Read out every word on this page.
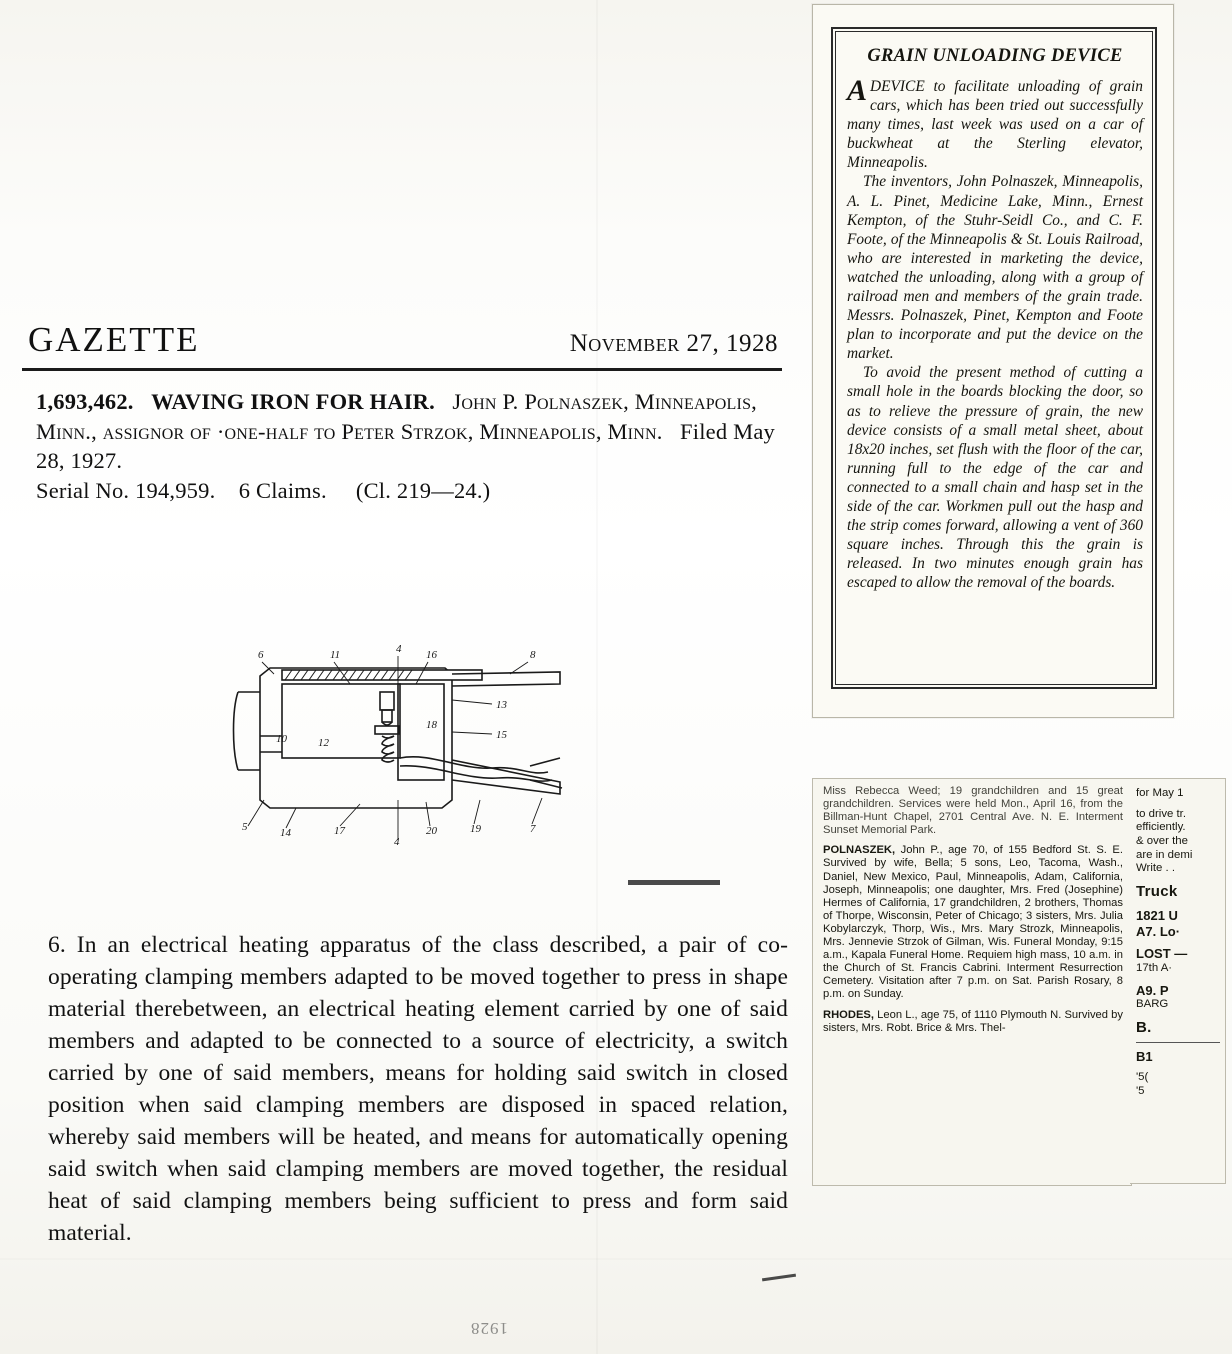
GAZETTE	November 27, 1928
1,693,462. WAVING IRON FOR HAIR. John P. Polnaszek, Minneapolis, Minn., assignor of ·one-half to Peter Strzok, Minneapolis, Minn. Filed May 28, 1927.
Serial No. 194,959. 6 Claims. (Cl. 219—24.)
6	11	4 16	8
13
15
18
10	12
5	14	17
4
20	19	7
6. In an electrical heating apparatus of the class described, a pair of co-operating clamping members adapted to be moved together to press in shape material therebetween, an electrical heating element carried by one of said members and adapted to be connected to a source of electricity, a switch carried by one of said members, means for holding said switch in closed position when said clamping members are disposed in spaced relation, whereby said members will be heated, and means for automatically opening said switch when said clamping members are moved together, the residual heat of said clamping members being sufficient to press and form said material.
GRAIN UNLOADING DEVICE

ADEVICE to facilitate unloading of grain cars, which has been tried out successfully many times, last week was used on a car of buckwheat at the Sterling elevator, Minneapolis.

The inventors, John Polnaszek, Minneapolis, A. L. Pinet, Medicine Lake, Minn., Ernest Kempton, of the Stuhr-Seidl Co., and C. F. Foote, of the Minneapolis & St. Louis Railroad, who are interested in marketing the device, watched the unloading, along with a group of railroad men and members of the grain trade. Messrs. Polnaszek, Pinet, Kempton and Foote plan to incorporate and put the device on the market.

To avoid the present method of cutting a small hole in the boards blocking the door, so as to relieve the pressure of grain, the new device consists of a small metal sheet, about 18x20 inches, set flush with the floor of the car, running full to the edge of the car and connected to a small chain and hasp set in the side of the car. Workmen pull out the hasp and the strip comes forward, allowing a vent of 360 square inches. Through this the grain is released. In two minutes enough grain has escaped to allow the removal of the boards.

Miss Rebecca Weed; 19 grandchildren and 15 great grandchildren. Services were held Mon., April 16, from the Billman-Hunt Chapel, 2701 Central Ave. N. E. Interment Sunset Memorial Park.

POLNASZEK, John P., age 70, of 155 Bedford St. S. E. Survived by wife, Bella; 5 sons, Leo, Tacoma, Wash., Daniel, New Mexico, Paul, Minneapolis, Adam, California, Joseph, Minneapolis; one daughter, Mrs. Fred (Josephine) Hermes of California, 17 grandchildren, 2 brothers, Thomas of Thorpe, Wisconsin, Peter of Chicago; 3 sisters, Mrs. Julia Kobylarczyk, Thorp, Wis., Mrs. Mary Strozk, Minneapolis, Mrs. Jennevie Strzok of Gilman, Wis. Funeral Monday, 9:15 a.m., Kapala Funeral Home. Requiem high mass, 10 a.m. in the Church of St. Francis Cabrini. Interment Resurrection Cemetery. Visitation after 7 p.m. on Sat. Parish Rosary, 8 p.m. on Sunday.

RHODES, Leon L., age 75, of 1110 Plymouth N. Survived by sisters, Mrs. Robt. Brice & Mrs. Thel-

for May 1
to drive tr.
efficiently.
& over the
are in demi
Write . .
Truck
1821 U
A7. Lo·
LOST —
17th A·
A9. P
BARG
B.
B1
'5(
'5
1928
